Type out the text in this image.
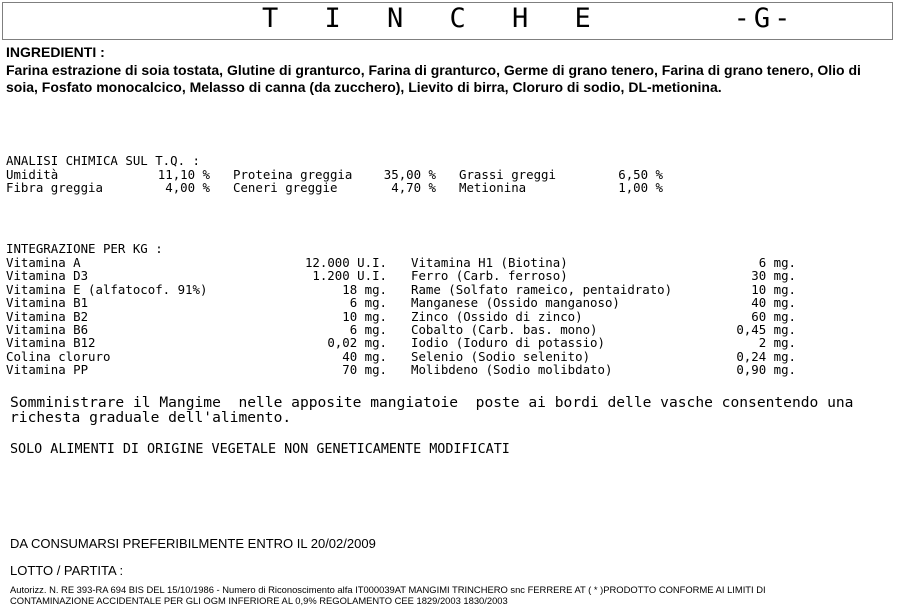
T I N C H E	-G-
INGREDIENTI :
Farina estrazione di soia tostata, Glutine di granturco, Farina di granturco, Germe di grano tenero, Farina di grano tenero, Olio di soia, Fosfato monocalcico, Melasso di canna (da zucchero), Lievito di birra, Cloruro di sodio, DL-metionina.
ANALISI CHIMICA SUL T.Q. :
Umidità	11,10 % Proteina greggia	35,00 % Grassi greggi	6,50 %
Fibra greggia	4,00 % Ceneri greggie	4,70 % Metionina	1,00 %
INTEGRAZIONE PER KG :
Vitamina A	12.000 U.I. Vitamina H1 (Biotina)	6 mg.
Vitamina D3	1.200 U.I. Ferro (Carb. ferroso)	30 mg.
Vitamina E (alfatocof. 91%)	18 mg. Rame (Solfato rameico, pentaidrato)	10 mg.
Vitamina B1	6 mg. Manganese (Ossido manganoso)	40 mg.
Vitamina B2	10 mg. Zinco (Ossido di zinco)	60 mg.
Vitamina B6	6 mg. Cobalto (Carb. bas. mono)	0,45 mg.
Vitamina B12	0,02 mg. Iodio (Ioduro di potassio)	2 mg.
Colina cloruro	40 mg. Selenio (Sodio selenito)	0,24 mg.
Vitamina PP	70 mg. Molibdeno (Sodio molibdato)	0,90 mg.
Somministrare il Mangime  nelle apposite mangiatoie  poste ai bordi delle vasche consentendo una
richesta graduale dell'alimento.
SOLO ALIMENTI DI ORIGINE VEGETALE NON GENETICAMENTE MODIFICATI
DA CONSUMARSI PREFERIBILMENTE ENTRO IL 20/02/2009
LOTTO / PARTITA :
Autorizz. N. RE 393-RA 694 BIS DEL 15/10/1986 - Numero di Riconoscimento alfa IT000039AT MANGIMI TRINCHERO snc FERRERE AT ( * )PRODOTTO CONFORME AI LIMITI DI
CONTAMINAZIONE ACCIDENTALE PER GLI OGM INFERIORE AL 0,9% REGOLAMENTO CEE 1829/2003 1830/2003
